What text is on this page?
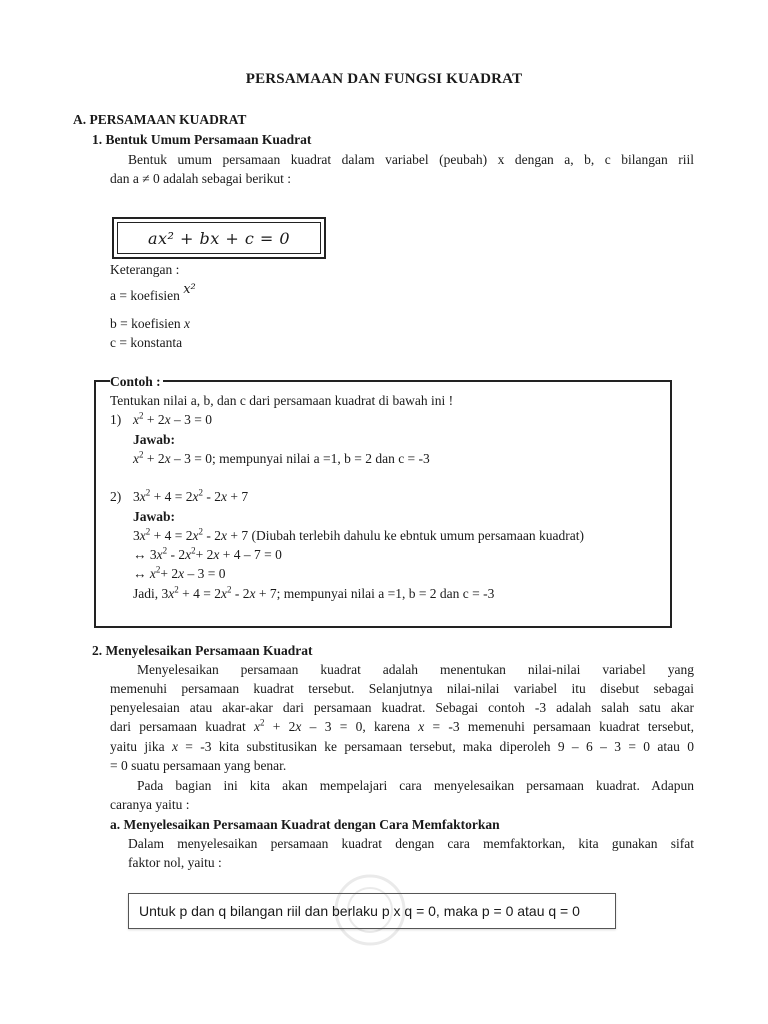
PERSAMAAN DAN FUNGSI KUADRAT
A. PERSAMAAN KUADRAT
1. Bentuk Umum Persamaan Kuadrat
Bentuk umum persamaan kuadrat dalam variabel (peubah) x dengan a, b, c bilangan riil
dan a ≠ 0 adalah sebagai berikut :
ax² + bx + c = 0
Keterangan :
a = koefisien x²
b = koefisien x
c = konstanta
Contoh :
Tentukan nilai a, b, dan c dari persamaan kuadrat di bawah ini !
1) $x^2 + 2x - 3 = 0$
Jawab:
$x^2 + 2x - 3 = 0$; mempunyai nilai a =1, b = 2 dan c = -3
2) $3x^2 + 4 = 2x^2 - 2x + 7$
Jawab:
$3x^2 + 4 = 2x^2 - 2x + 7$ (Diubah terlebih dahulu ke ebntuk umum persamaan kuadrat)
↔ $3x^2 - 2x^2+ 2x + 4 - 7 = 0$
↔ $x^2+ 2x - 3 = 0$
Jadi, $3x^2 + 4 = 2x^2 - 2x + 7$; mempunyai nilai a =1, b = 2 dan c = -3
2. Menyelesaikan Persamaan Kuadrat
Menyelesaikan persamaan kuadrat adalah menentukan nilai-nilai variabel yang
memenuhi persamaan kuadrat tersebut. Selanjutnya nilai-nilai variabel itu disebut sebagai
penyelesaian atau akar-akar dari persamaan kuadrat. Sebagai contoh -3 adalah salah satu akar
dari persamaan kuadrat $x^2 + 2x - 3 = 0$, karena x = -3 memenuhi persamaan kuadrat tersebut,
yaitu jika x = -3 kita substitusikan ke persamaan tersebut, maka diperoleh 9 – 6 – 3 = 0 atau 0
= 0 suatu persamaan yang benar.
Pada bagian ini kita akan mempelajari cara menyelesaikan persamaan kuadrat. Adapun
caranya yaitu :
a. Menyelesaikan Persamaan Kuadrat dengan Cara Memfaktorkan
Dalam menyelesaikan persamaan kuadrat dengan cara memfaktorkan, kita gunakan sifat
faktor nol, yaitu :
Untuk p dan q bilangan riil dan berlaku p x q = 0, maka p = 0 atau q = 0
